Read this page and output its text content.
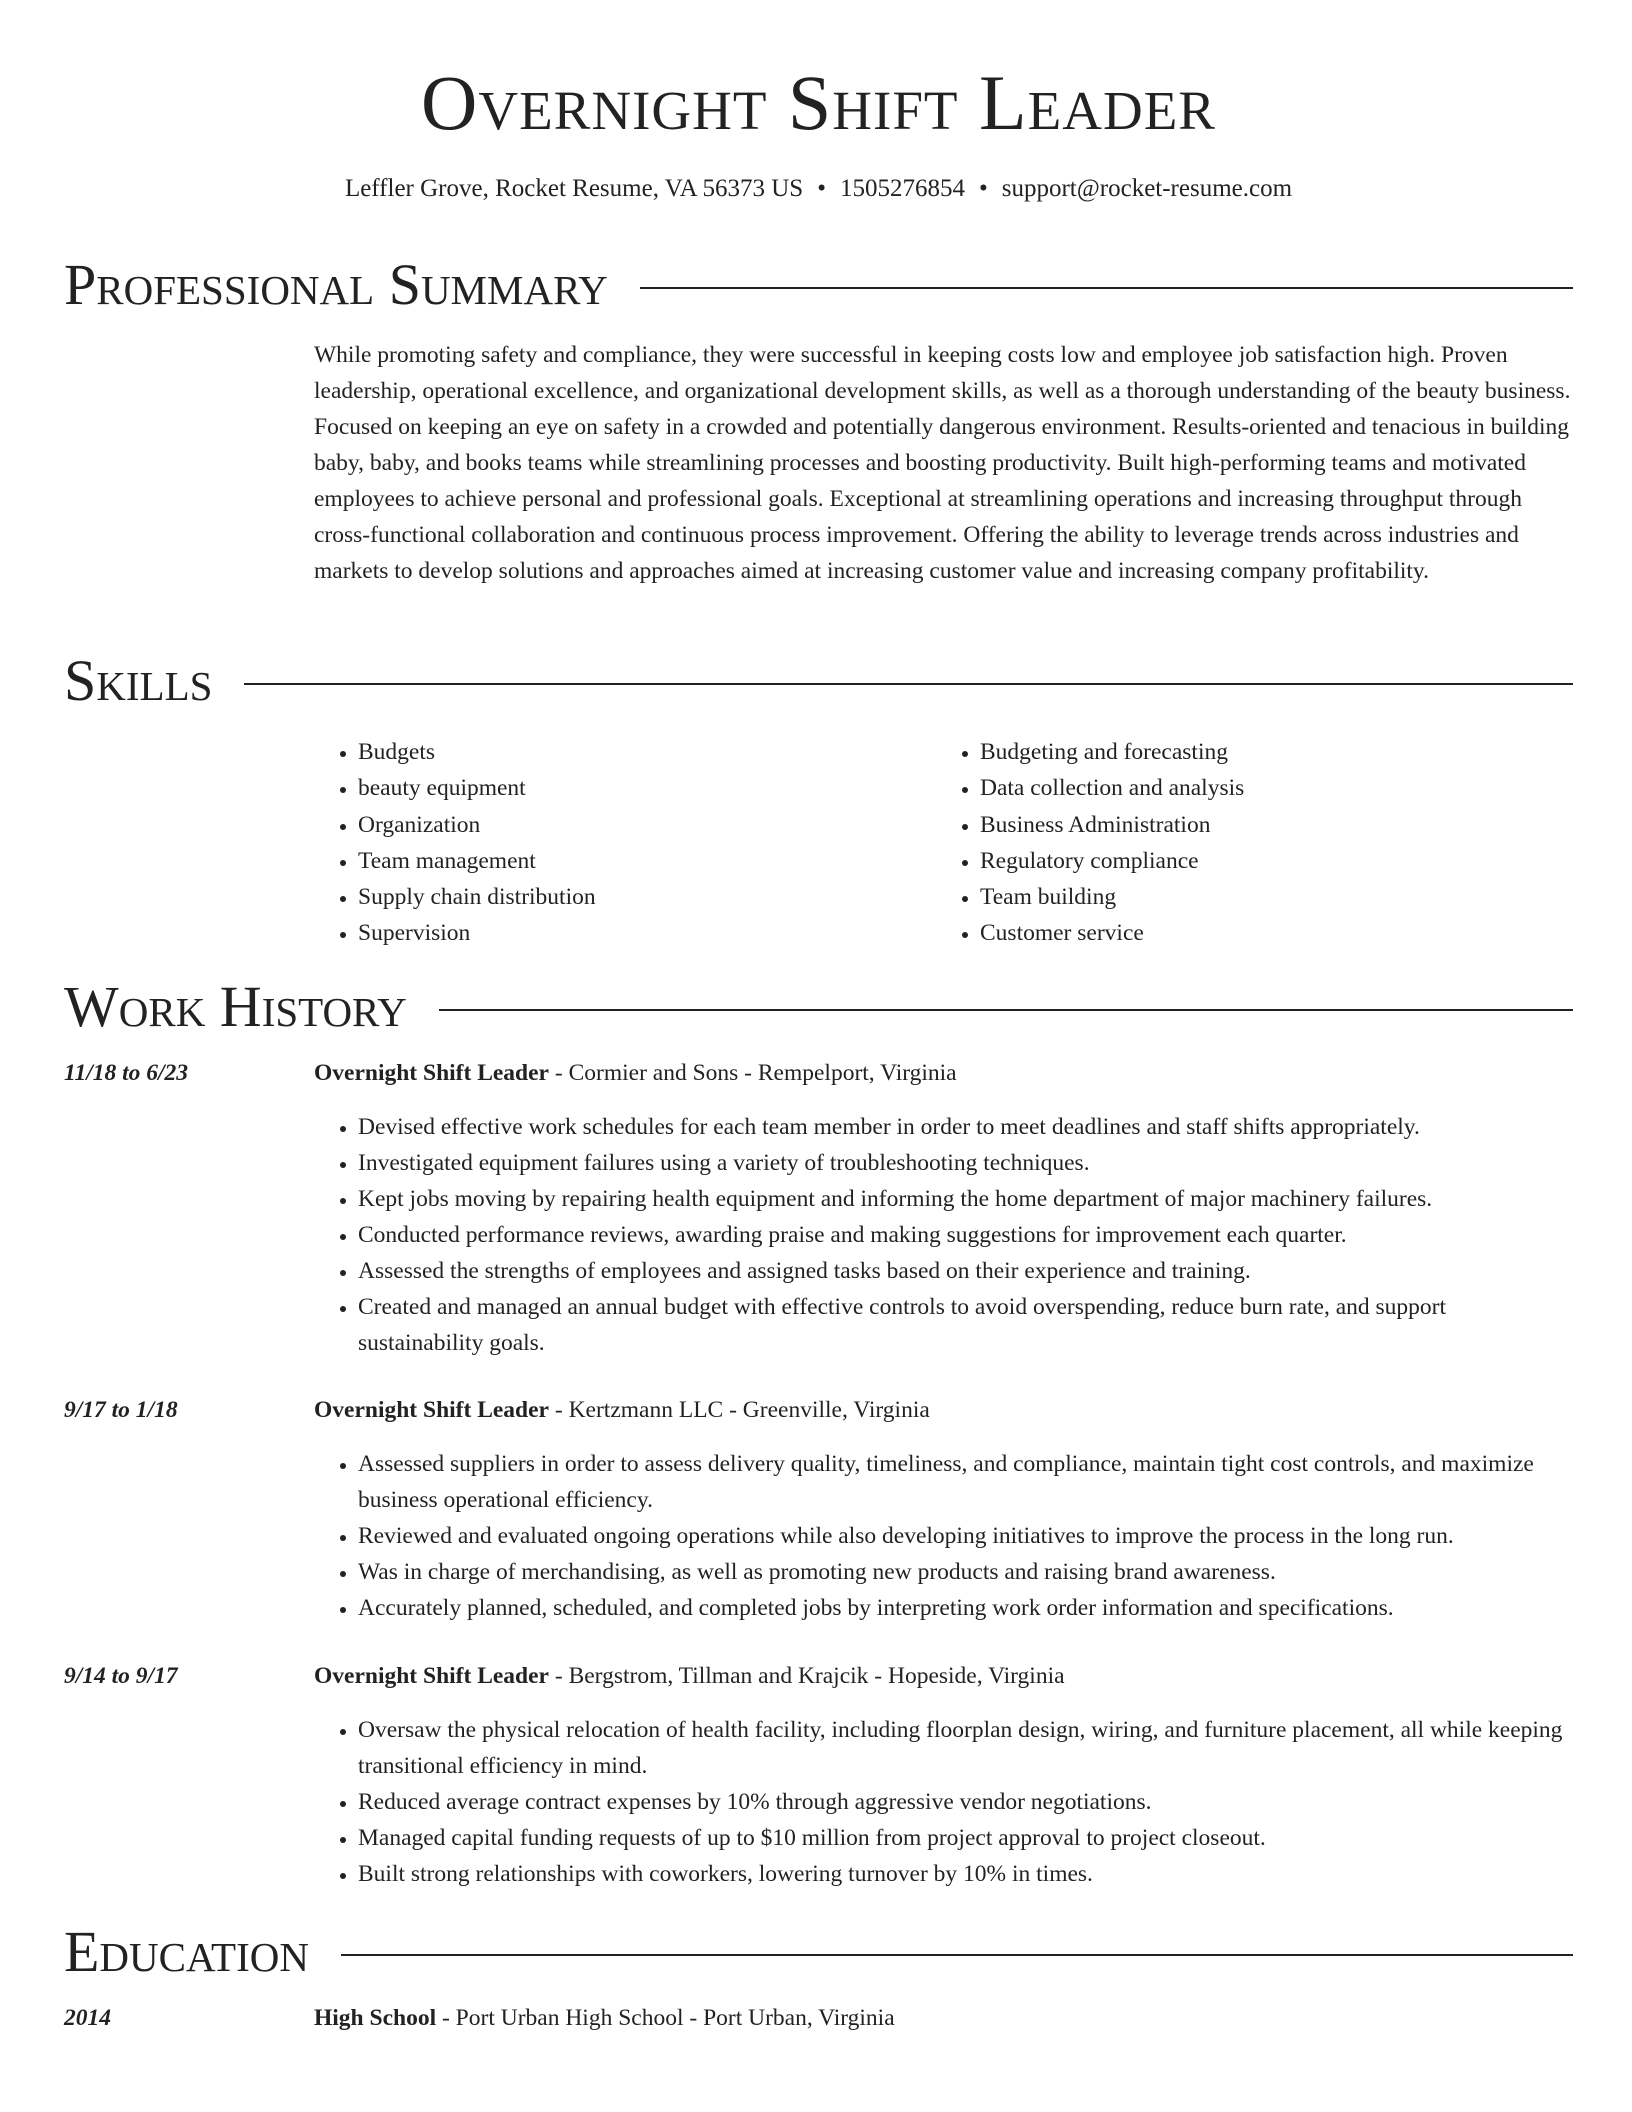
Overnight Shift Leader
Leffler Grove, Rocket Resume, VA 56373 US • 1505276854 • support@rocket-resume.com
Professional Summary

While promoting safety and compliance, they were successful in keeping costs low and employee job satisfaction high. Proven leadership, operational excellence, and organizational development skills, as well as a thorough understanding of the beauty business. Focused on keeping an eye on safety in a crowded and potentially dangerous environment. Results-oriented and tenacious in building baby, baby, and books teams while streamlining processes and boosting productivity. Built high-performing teams and motivated employees to achieve personal and professional goals. Exceptional at streamlining operations and increasing throughput through cross-functional collaboration and continuous process improvement. Offering the ability to leverage trends across industries and markets to develop solutions and approaches aimed at increasing customer value and increasing company profitability.

Skills
• Budgets
• beauty equipment
• Organization
• Team management
• Supply chain distribution
• Supervision
• Budgeting and forecasting
• Data collection and analysis
• Business Administration
• Regulatory compliance
• Team building
• Customer service
Work History
11/18 to 6/23	Overnight Shift Leader - Cormier and Sons - Rempelport, Virginia
• Devised effective work schedules for each team member in order to meet deadlines and staff shifts appropriately.
• Investigated equipment failures using a variety of troubleshooting techniques.
• Kept jobs moving by repairing health equipment and informing the home department of major machinery failures.
• Conducted performance reviews, awarding praise and making suggestions for improvement each quarter.
• Assessed the strengths of employees and assigned tasks based on their experience and training.
• Created and managed an annual budget with effective controls to avoid overspending, reduce burn rate, and support sustainability goals.
9/17 to 1/18	Overnight Shift Leader - Kertzmann LLC - Greenville, Virginia
• Assessed suppliers in order to assess delivery quality, timeliness, and compliance, maintain tight cost controls, and maximize business operational efficiency.
• Reviewed and evaluated ongoing operations while also developing initiatives to improve the process in the long run.
• Was in charge of merchandising, as well as promoting new products and raising brand awareness.
• Accurately planned, scheduled, and completed jobs by interpreting work order information and specifications.
9/14 to 9/17	Overnight Shift Leader - Bergstrom, Tillman and Krajcik - Hopeside, Virginia
• Oversaw the physical relocation of health facility, including floorplan design, wiring, and furniture placement, all while keeping transitional efficiency in mind.
• Reduced average contract expenses by 10% through aggressive vendor negotiations.
• Managed capital funding requests of up to $10 million from project approval to project closeout.
• Built strong relationships with coworkers, lowering turnover by 10% in times.
Education
2014	High School - Port Urban High School - Port Urban, Virginia
